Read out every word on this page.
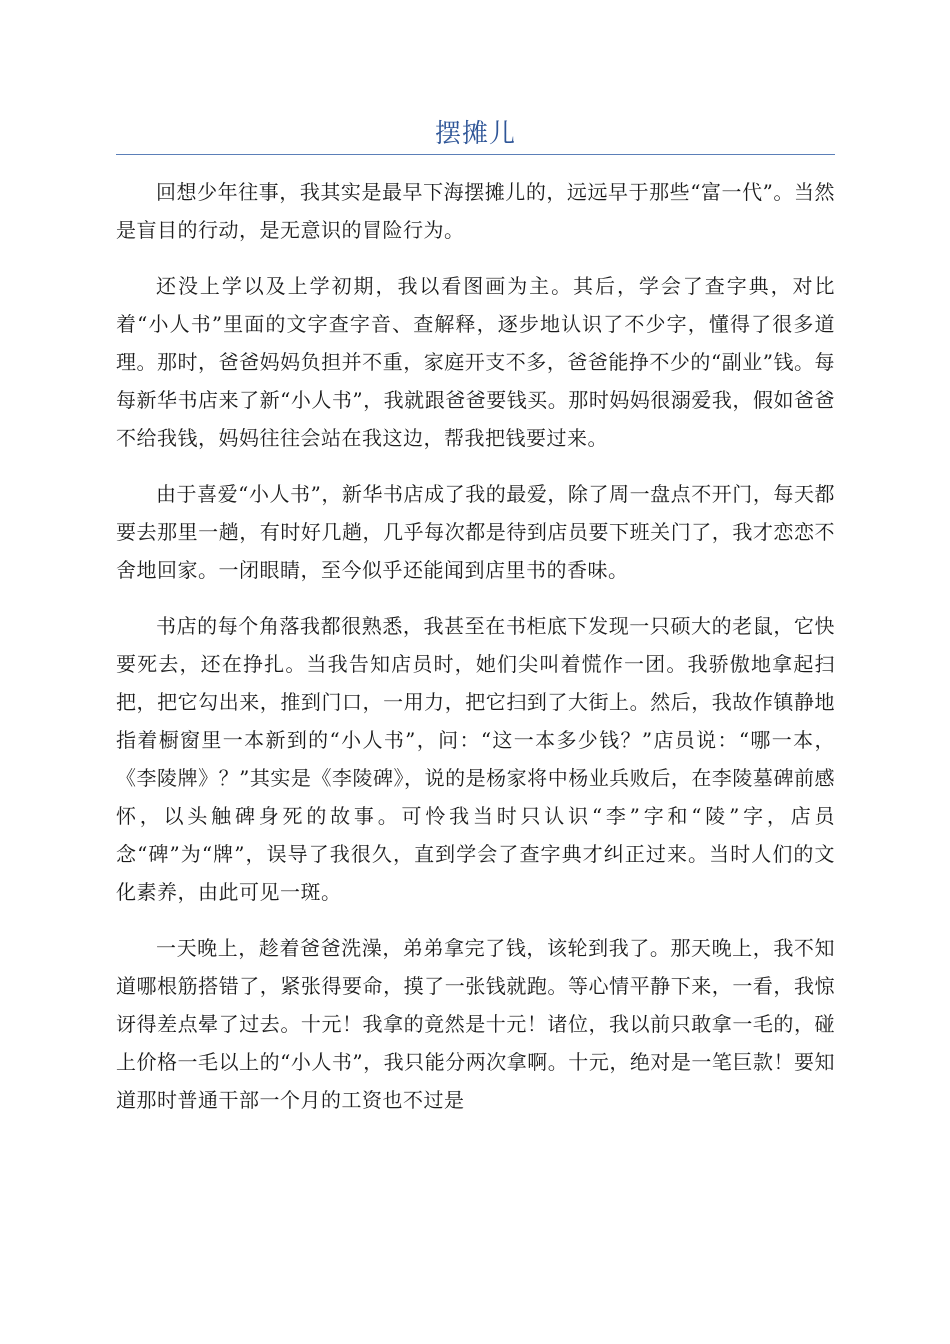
摆摊儿

回想少年往事，我其实是最早下海摆摊儿的，远远早于那些“富一代”。当然是盲目的行动，是无意识的冒险行为。

还没上学以及上学初期，我以看图画为主。其后，学会了查字典，对比着“小人书”里面的文字查字音、查解释，逐步地认识了不少字，懂得了很多道理。那时，爸爸妈妈负担并不重，家庭开支不多，爸爸能挣不少的“副业”钱。每每新华书店来了新“小人书”，我就跟爸爸要钱买。那时妈妈很溺爱我，假如爸爸不给我钱，妈妈往往会站在我这边，帮我把钱要过来。

由于喜爱“小人书”，新华书店成了我的最爱，除了周一盘点不开门，每天都要去那里一趟，有时好几趟，几乎每次都是待到店员要下班关门了，我才恋恋不舍地回家。一闭眼睛，至今似乎还能闻到店里书的香味。

书店的每个角落我都很熟悉，我甚至在书柜底下发现一只硕大的老鼠，它快要死去，还在挣扎。当我告知店员时，她们尖叫着慌作一团。我骄傲地拿起扫把，把它勾出来，推到门口，一用力，把它扫到了大街上。然后，我故作镇静地指着橱窗里一本新到的“小人书”，问：“这一本多少钱？”店员说：“哪一本，《李陵牌》？”其实是《李陵碑》，说的是杨家将中杨业兵败后，在李陵墓碑前感怀，以头触碑身死的故事。可怜我当时只认识“李”字和“陵”字，店员念“碑”为“牌”，误导了我很久，直到学会了查字典才纠正过来。当时人们的文化素养，由此可见一斑。

一天晚上，趁着爸爸洗澡，弟弟拿完了钱，该轮到我了。那天晚上，我不知道哪根筋搭错了，紧张得要命，摸了一张钱就跑。等心情平静下来，一看，我惊讶得差点晕了过去。十元！我拿的竟然是十元！诸位，我以前只敢拿一毛的，碰上价格一毛以上的“小人书”，我只能分两次拿啊。十元，绝对是一笔巨款！要知道那时普通干部一个月的工资也不过是
